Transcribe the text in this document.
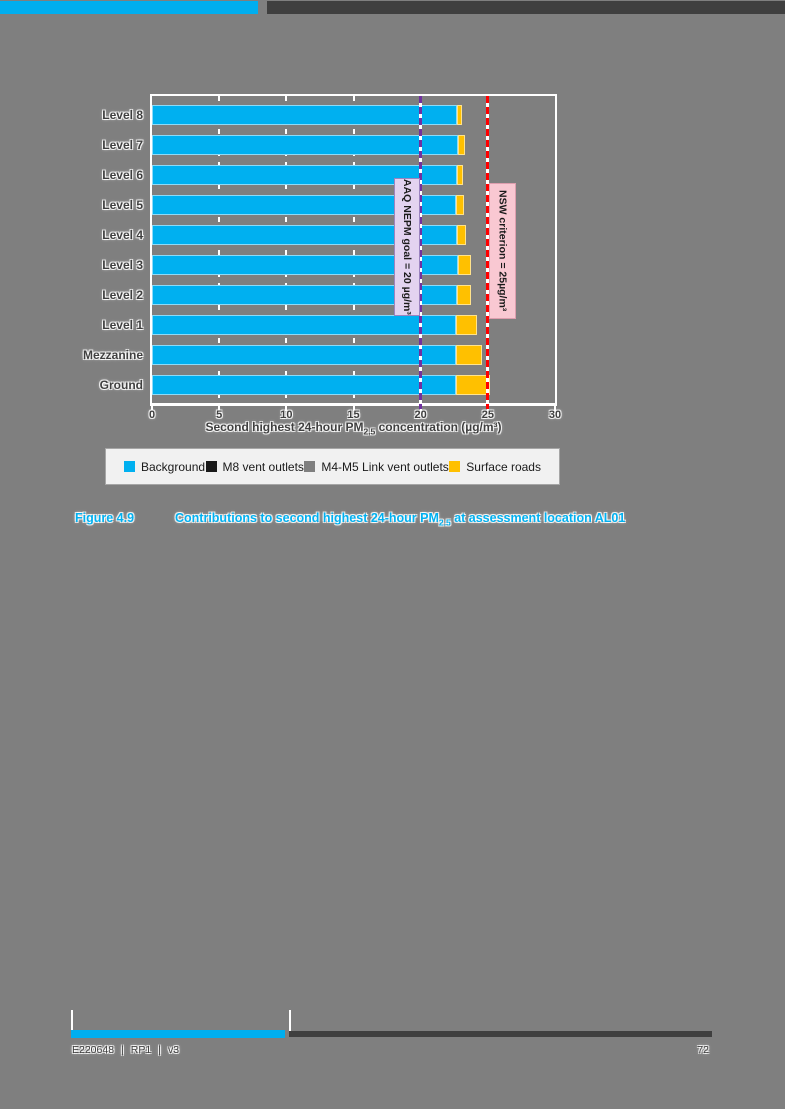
Level 8
Level 7
Level 6
Level 5
Level 4
Level 3
Level 2
Level 1
Mezzanine
Ground
0	5	10	15	20	25	30
AAQ NEPM goal = 20 µg/m³	NSW criterion = 25µg/m³
Second highest 24-hour $PM_{2.5}$ concentration (µg/m³)
Background M8 vent outlets M4-M5 Link vent outlets Surface roads
Figure 4.9	Contributions to second highest 24-hour $PM_{2.5}$ at assessment location AL01
E220648 | RP1 | v3	72
